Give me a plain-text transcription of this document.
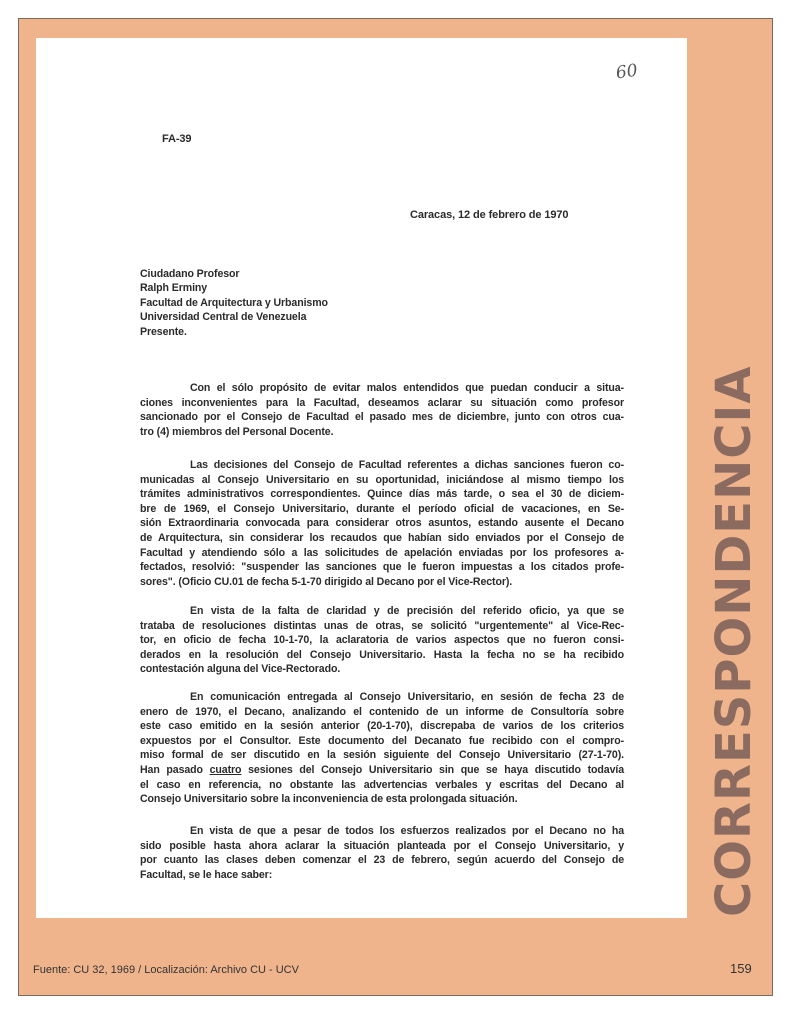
60
FA-39
Caracas, 12 de febrero de 1970
Ciudadano Profesor
Ralph Erminy
Facultad de Arquitectura y Urbanismo
Universidad Central de Venezuela
Presente.
Con el sólo propósito de evitar malos entendidos que puedan conducir a situa-
ciones inconvenientes para la Facultad, deseamos aclarar su situación como profesor
sancionado por el Consejo de Facultad el pasado mes de diciembre, junto con otros cua-
tro (4) miembros del Personal Docente.
Las decisiones del Consejo de Facultad referentes a dichas sanciones fueron co-
municadas al Consejo Universitario en su oportunidad, iniciándose al mismo tiempo los
trámites administrativos correspondientes. Quince días más tarde, o sea el 30 de diciem-
bre de 1969, el Consejo Universitario, durante el período oficial de vacaciones, en Se-
sión Extraordinaria convocada para considerar otros asuntos, estando ausente el Decano
de Arquitectura, sin considerar los recaudos que habían sido enviados por el Consejo de
Facultad y atendiendo sólo a las solicitudes de apelación enviadas por los profesores a-
fectados, resolvió: "suspender las sanciones que le fueron impuestas a los citados profe-
sores". (Oficio CU.01 de fecha 5-1-70 dirigido al Decano por el Vice-Rector).
En vista de la falta de claridad y de precisión del referido oficio, ya que se
trataba de resoluciones distintas unas de otras, se solicitó "urgentemente" al Vice-Rec-
tor, en oficio de fecha 10-1-70, la aclaratoria de varios aspectos que no fueron consi-
derados en la resolución del Consejo Universitario. Hasta la fecha no se ha recibido
contestación alguna del Vice-Rectorado.
En comunicación entregada al Consejo Universitario, en sesión de fecha 23 de
enero de 1970, el Decano, analizando el contenido de un informe de Consultoría sobre
este caso emitido en la sesión anterior (20-1-70), discrepaba de varios de los criterios
expuestos por el Consultor. Este documento del Decanato fue recibido con el compro-
miso formal de ser discutido en la sesión siguiente del Consejo Universitario (27-1-70).
Han pasado cuatro sesiones del Consejo Universitario sin que se haya discutido todavía
el caso en referencia, no obstante las advertencias verbales y escritas del Decano al
Consejo Universitario sobre la inconveniencia de esta prolongada situación.
En vista de que a pesar de todos los esfuerzos realizados por el Decano no ha
sido posible hasta ahora aclarar la situación planteada por el Consejo Universitario, y
por cuanto las clases deben comenzar el 23 de febrero, según acuerdo del Consejo de
Facultad, se le hace saber:	CORRESPONDENCIA
Fuente: CU 32, 1969 / Localización: Archivo CU - UCV	159
